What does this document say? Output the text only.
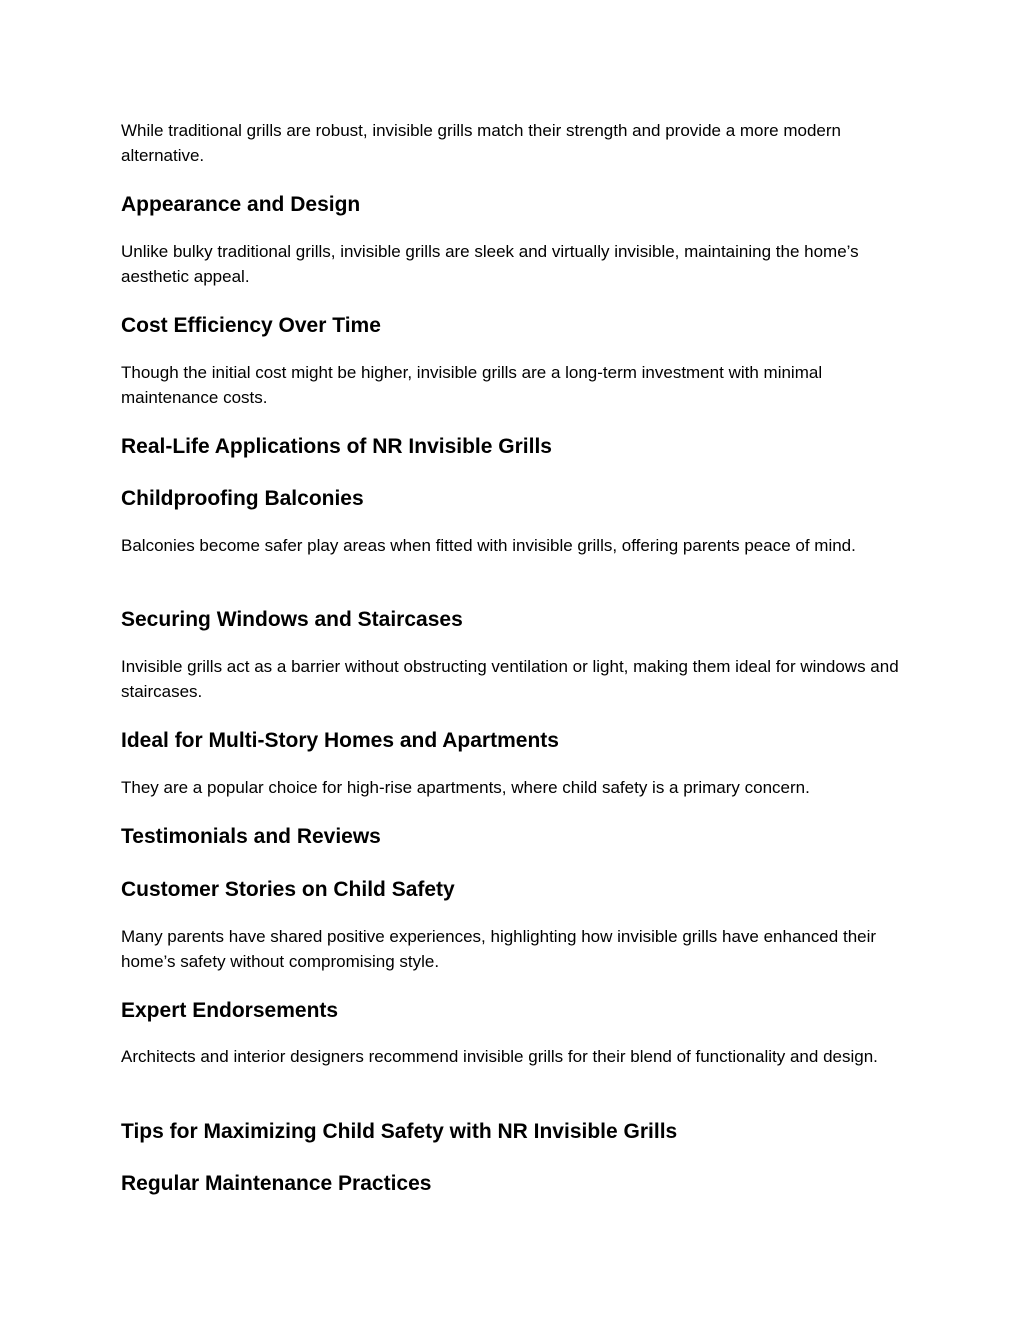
While traditional grills are robust, invisible grills match their strength and provide a more modern alternative.

Appearance and Design

Unlike bulky traditional grills, invisible grills are sleek and virtually invisible, maintaining the home’s aesthetic appeal.

Cost Efficiency Over Time

Though the initial cost might be higher, invisible grills are a long-term investment with minimal maintenance costs.

Real-Life Applications of NR Invisible Grills
Childproofing Balconies

Balconies become safer play areas when fitted with invisible grills, offering parents peace of mind.

Securing Windows and Staircases

Invisible grills act as a barrier without obstructing ventilation or light, making them ideal for windows and staircases.

Ideal for Multi-Story Homes and Apartments

They are a popular choice for high-rise apartments, where child safety is a primary concern.

Testimonials and Reviews
Customer Stories on Child Safety

Many parents have shared positive experiences, highlighting how invisible grills have enhanced their home’s safety without compromising style.

Expert Endorsements

Architects and interior designers recommend invisible grills for their blend of functionality and design.

Tips for Maximizing Child Safety with NR Invisible Grills
Regular Maintenance Practices
